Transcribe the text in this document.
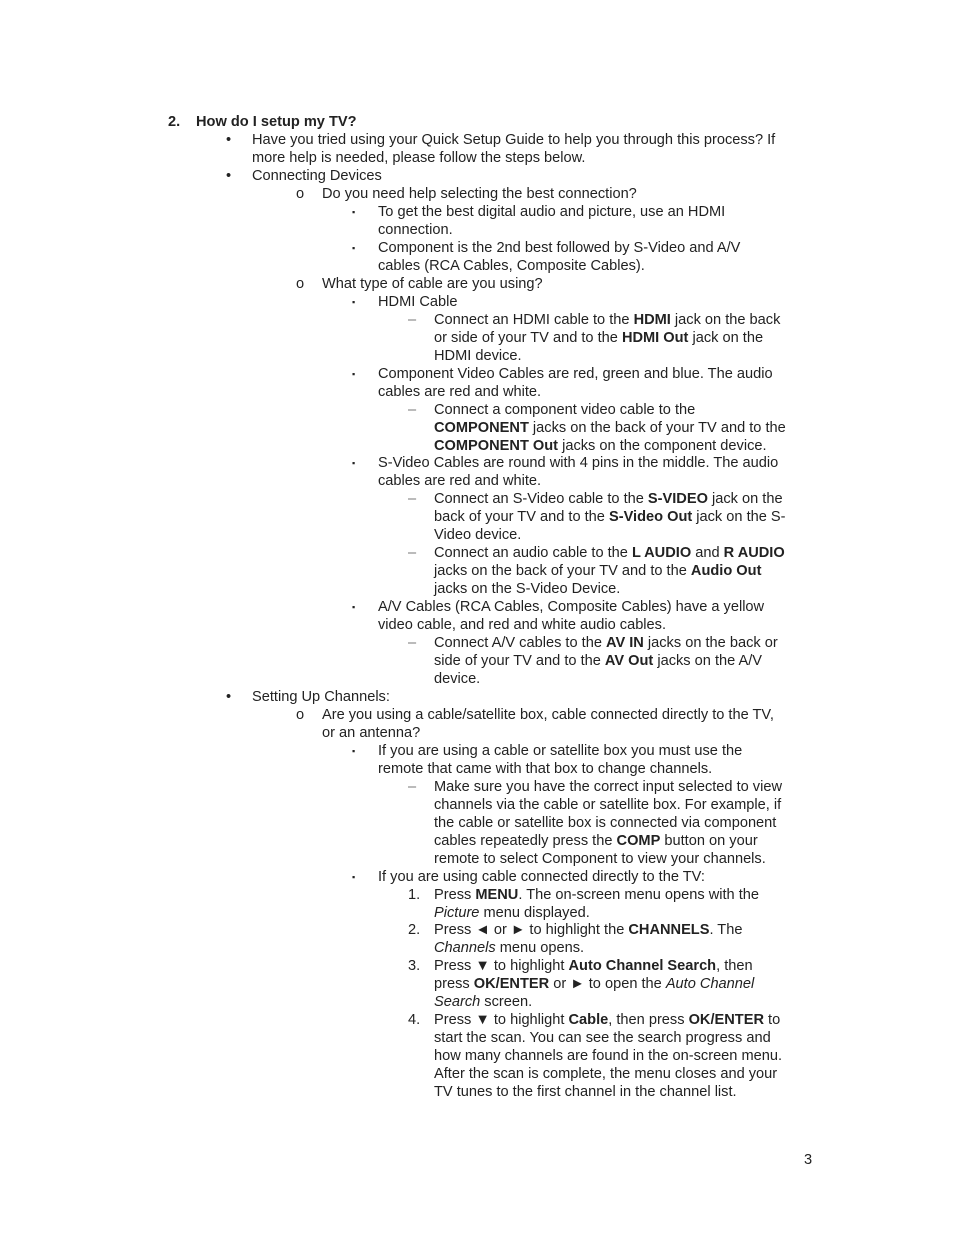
2. How do I setup my TV?
•
•
o
▪
▪
o
▪
–
▪
–
▪
–
–
▪
–
•
o
▪
–
▪
1.
2.
3.
4.
Have you tried using your Quick Setup Guide to help you through this process? If
more help is needed, please follow the steps below.
Connecting Devices
Do you need help selecting the best connection?
To get the best digital audio and picture, use an HDMI
connection.
Component is the 2nd best followed by S-Video and A/V
cables (RCA Cables, Composite Cables).
What type of cable are you using?
HDMI Cable
Connect an HDMI cable to the HDMI jack on the back
or side of your TV and to the HDMI Out jack on the
HDMI device.
Component Video Cables are red, green and blue. The audio
cables are red and white.
Connect a component video cable to the
COMPONENT jacks on the back of your TV and to the
COMPONENT Out jacks on the component device.
S-Video Cables are round with 4 pins in the middle. The audio
cables are red and white.
Connect an S-Video cable to the S-VIDEO jack on the
back of your TV and to the S-Video Out jack on the S-
Video device.
Connect an audio cable to the L AUDIO and R AUDIO
jacks on the back of your TV and to the Audio Out
jacks on the S-Video Device.
A/V Cables (RCA Cables, Composite Cables) have a yellow
video cable, and red and white audio cables.
Connect A/V cables to the AV IN jacks on the back or
side of your TV and to the AV Out jacks on the A/V
device.
Setting Up Channels:
Are you using a cable/satellite box, cable connected directly to the TV,
or an antenna?
If you are using a cable or satellite box you must use the
remote that came with that box to change channels.
Make sure you have the correct input selected to view
channels via the cable or satellite box. For example, if
the cable or satellite box is connected via component
cables repeatedly press the COMP button on your
remote to select Component to view your channels.
If you are using cable connected directly to the TV:
Press MENU. The on-screen menu opens with the
Picture menu displayed.
Press ◄ or ► to highlight the CHANNELS. The
Channels menu opens.
Press ▼ to highlight Auto Channel Search, then
press OK/ENTER or ► to open the Auto Channel
Search screen.
Press ▼ to highlight Cable, then press OK/ENTER to
start the scan. You can see the search progress and
how many channels are found in the on-screen menu.
After the scan is complete, the menu closes and your
TV tunes to the first channel in the channel list.
3
